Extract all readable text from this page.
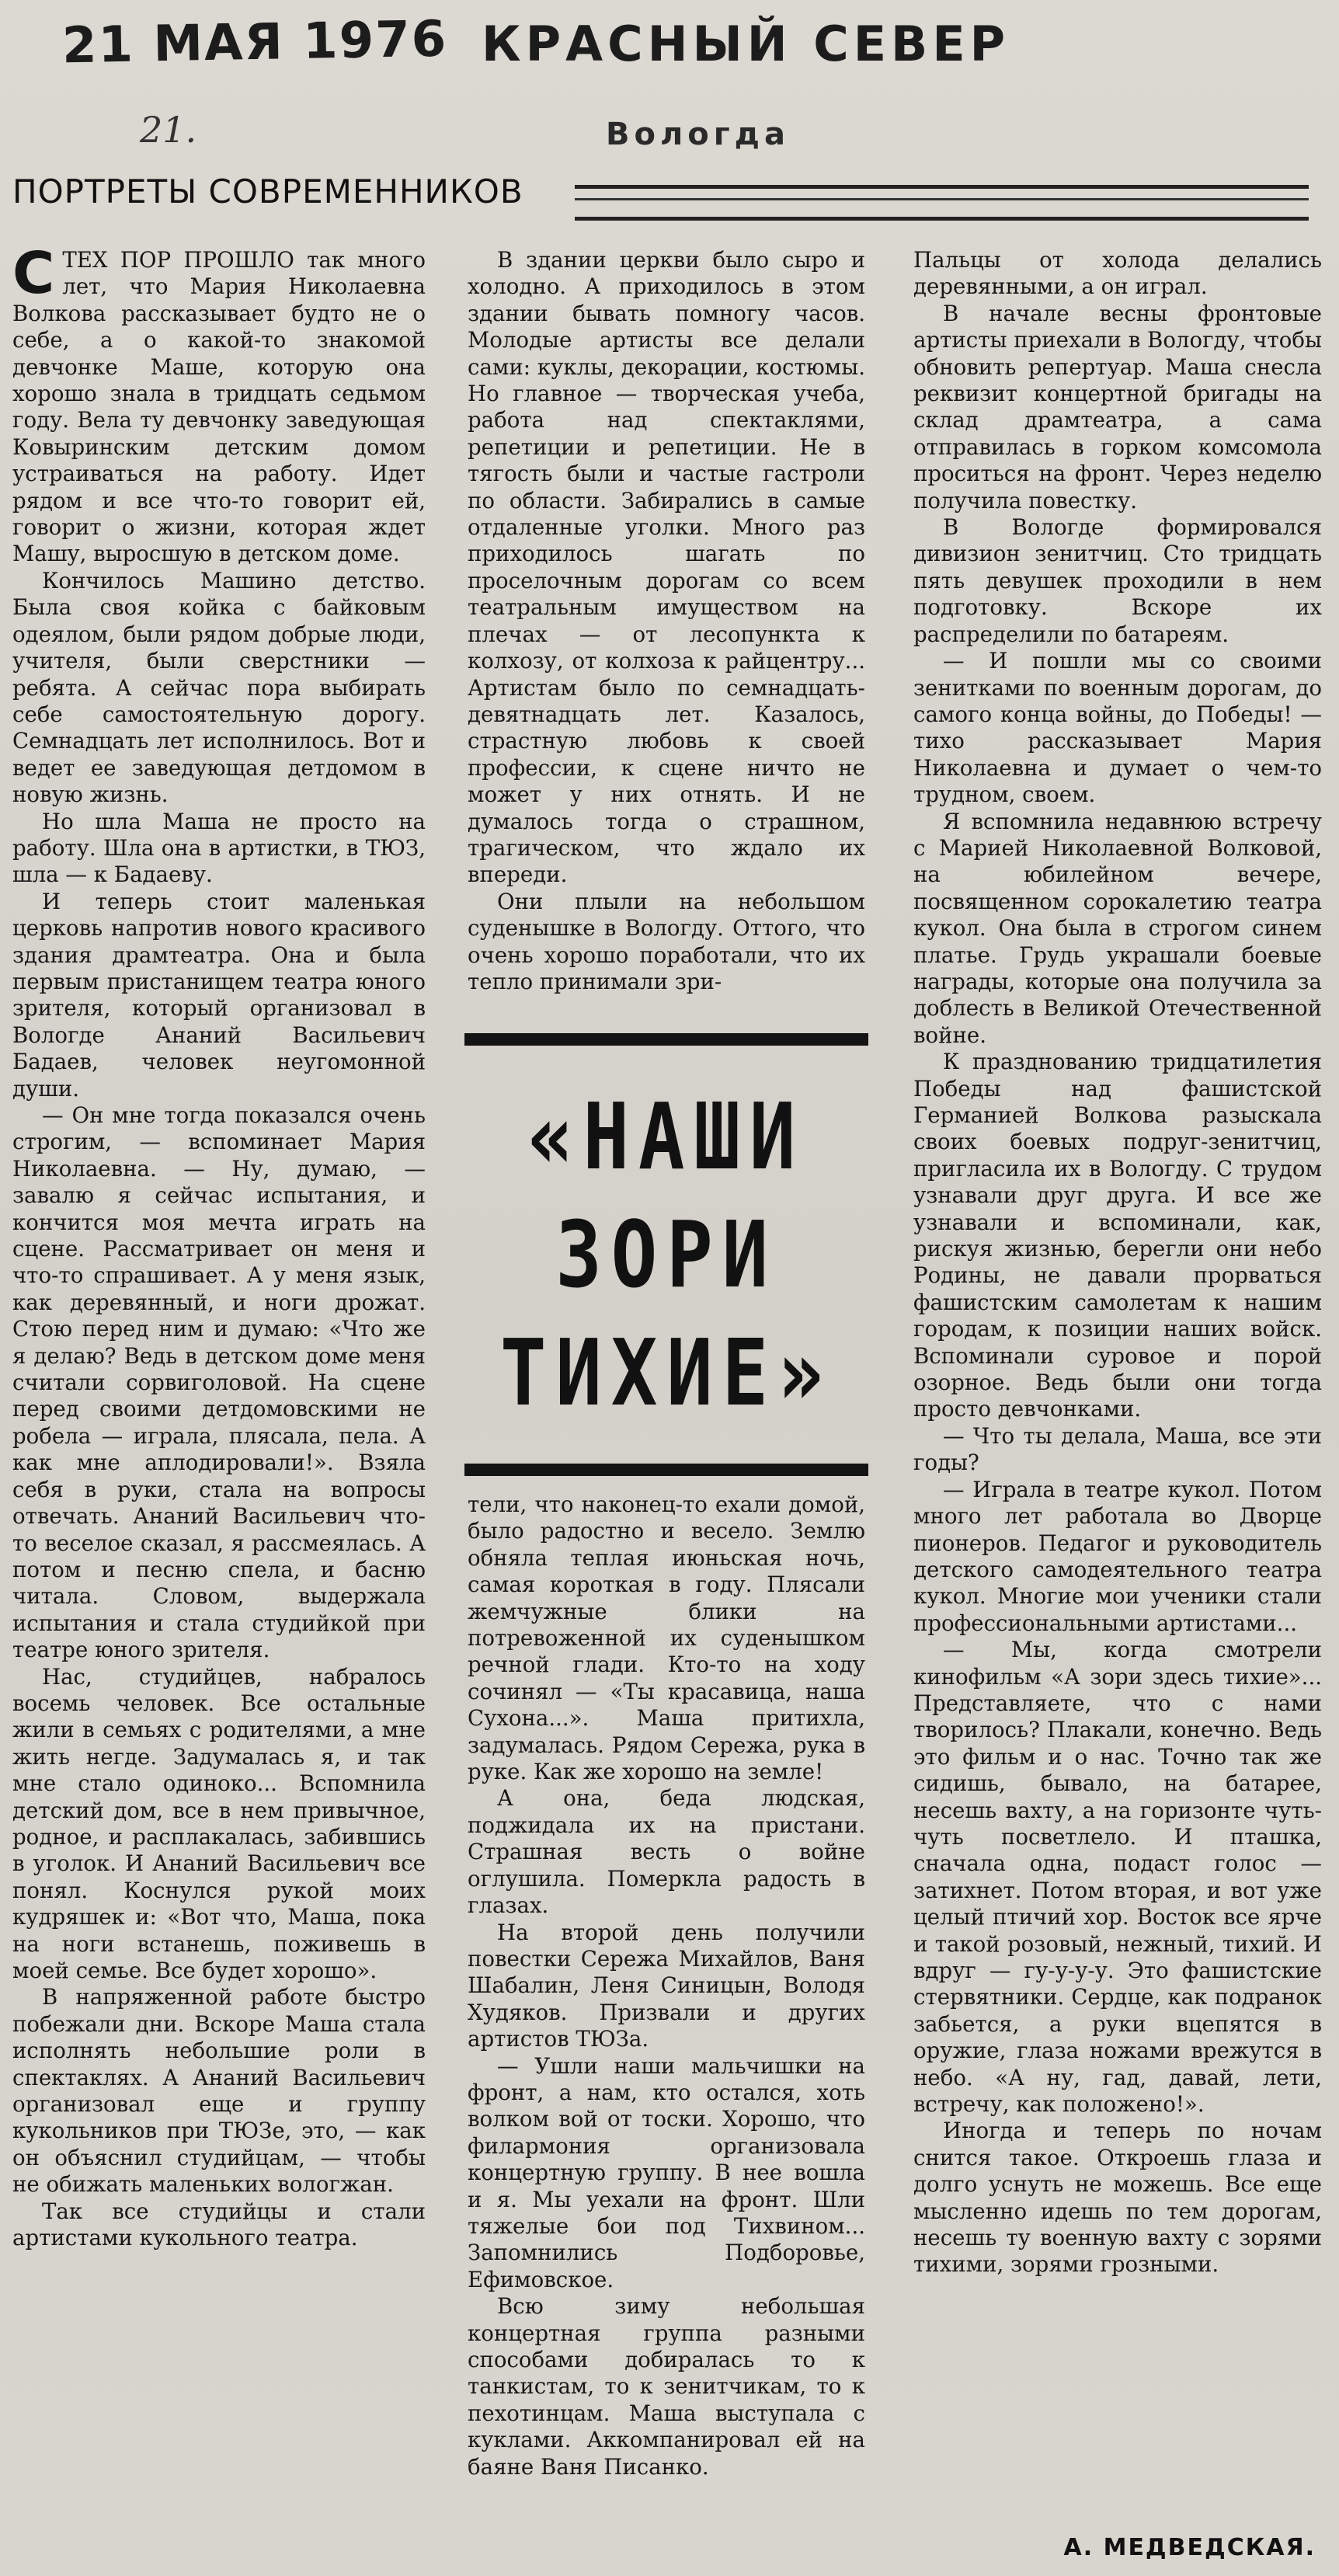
21 МАЯ 1976 КРАСНЫЙ СЕВЕР
21.	Вологда
ПОРТРЕТЫ СОВРЕМЕННИКОВ

СТЕХ ПОР ПРОШЛО так много лет, что Мария Николаевна Волкова рассказывает будто не о себе, а о какой-то знакомой девчонке Маше, которую она хорошо знала в тридцать седьмом году. Вела ту девчонку заведующая Ковыринским детским домом устраиваться на работу. Идет рядом и все что-то говорит ей, говорит о жизни, которая ждет Машу, выросшую в детском доме.

Кончилось Машино детство. Была своя койка с байковым одеялом, были рядом добрые люди, учителя, были сверстники — ребята. А сейчас пора выбирать себе самостоятельную дорогу. Семнадцать лет исполнилось. Вот и ведет ее заведующая детдомом в новую жизнь.

Но шла Маша не просто на работу. Шла она в артистки, в ТЮЗ, шла — к Бадаеву.

И теперь стоит маленькая церковь напротив нового красивого здания драмтеатра. Она и была первым пристанищем театра юного зрителя, который организовал в Вологде Ананий Васильевич Бадаев, человек неугомонной души.

— Он мне тогда показался очень строгим, — вспоминает Мария Николаевна. — Ну, думаю, — завалю я сейчас испытания, и кончится моя мечта играть на сцене. Рассматривает он меня и что-то спрашивает. А у меня язык, как деревянный, и ноги дрожат. Стою перед ним и думаю: «Что же я делаю? Ведь в детском доме меня считали сорвиголовой. На сцене перед своими детдомовскими не робела — играла, плясала, пела. А как мне аплодировали!». Взяла себя в руки, стала на вопросы отвечать. Ананий Васильевич что-то веселое сказал, я рассмеялась. А потом и песню спела, и басню читала. Словом, выдержала испытания и стала студийкой при театре юного зрителя.

Нас, студийцев, набралось восемь человек. Все остальные жили в семьях с родителями, а мне жить негде. Задумалась я, и так мне стало одиноко... Вспомнила детский дом, все в нем привычное, родное, и расплакалась, забившись в уголок. И Ананий Васильевич все понял. Коснулся рукой моих кудряшек и: «Вот что, Маша, пока на ноги встанешь, поживешь в моей семье. Все будет хорошо».

В напряженной работе быстро побежали дни. Вскоре Маша стала исполнять небольшие роли в спектаклях. А Ананий Васильевич организовал еще и группу кукольников при ТЮЗе, это, — как он объяснил студийцам, — чтобы не обижать маленьких вологжан.

Так все студийцы и стали артистами кукольного театра.

В здании церкви было сыро и холодно. А приходилось в этом здании бывать помногу часов. Молодые артисты все делали сами: куклы, декорации, костюмы. Но главное — творческая учеба, работа над спектаклями, репетиции и репетиции. Не в тягость были и частые гастроли по области. Забирались в самые отдаленные уголки. Много раз приходилось шагать по проселочным дорогам со всем театральным имуществом на плечах — от лесопункта к колхозу, от колхоза к райцентру... Артистам было по семнадцать-девятнадцать лет. Казалось, страстную любовь к своей профессии, к сцене ничто не может у них отнять. И не думалось тогда о страшном, трагическом, что ждало их впереди.

Они плыли на небольшом суденышке в Вологду. Оттого, что очень хорошо поработали, что их тепло принимали зри-

«НАШИ
ЗОРИ
ТИХИЕ»

тели, что наконец-то ехали домой, было радостно и весело. Землю обняла теплая июньская ночь, самая короткая в году. Плясали жемчужные блики на потревоженной их суденышком речной глади. Кто-то на ходу сочинял — «Ты красавица, наша Сухона...». Маша притихла, задумалась. Рядом Сережа, рука в руке. Как же хорошо на земле!

А она, беда людская, поджидала их на пристани. Страшная весть о войне оглушила. Померкла радость в глазах.

На второй день получили повестки Сережа Михайлов, Ваня Шабалин, Леня Синицын, Володя Худяков. Призвали и других артистов ТЮЗа.

— Ушли наши мальчишки на фронт, а нам, кто остался, хоть волком вой от тоски. Хорошо, что филармония организовала концертную группу. В нее вошла и я. Мы уехали на фронт. Шли тяжелые бои под Тихвином... Запомнились Подборовье, Ефимовское.

Всю зиму небольшая концертная группа разными способами добиралась то к танкистам, то к зенитчикам, то к пехотинцам. Маша выступала с куклами. Аккомпанировал ей на баяне Ваня Писанко.

Пальцы от холода делались деревянными, а он играл.

В начале весны фронтовые артисты приехали в Вологду, чтобы обновить репертуар. Маша снесла реквизит концертной бригады на склад драмтеатра, а сама отправилась в горком комсомола проситься на фронт. Через неделю получила повестку.

В Вологде формировался дивизион зенитчиц. Сто тридцать пять девушек проходили в нем подготовку. Вскоре их распределили по батареям.

— И пошли мы со своими зенитками по военным дорогам, до самого конца войны, до Победы! — тихо рассказывает Мария Николаевна и думает о чем-то трудном, своем.

Я вспомнила недавнюю встречу с Марией Николаевной Волковой, на юбилейном вечере, посвященном сорокалетию театра кукол. Она была в строгом синем платье. Грудь украшали боевые награды, которые она получила за доблесть в Великой Отечественной войне.

К празднованию тридцатилетия Победы над фашистской Германией Волкова разыскала своих боевых подруг-зенитчиц, пригласила их в Вологду. С трудом узнавали друг друга. И все же узнавали и вспоминали, как, рискуя жизнью, берегли они небо Родины, не давали прорваться фашистским самолетам к нашим городам, к позиции наших войск. Вспоминали суровое и порой озорное. Ведь были они тогда просто девчонками.

— Что ты делала, Маша, все эти годы?

— Играла в театре кукол. Потом много лет работала во Дворце пионеров. Педагог и руководитель детского самодеятельного театра кукол. Многие мои ученики стали профессиональными артистами...

— Мы, когда смотрели кинофильм «А зори здесь тихие»... Представляете, что с нами творилось? Плакали, конечно. Ведь это фильм и о нас. Точно так же сидишь, бывало, на батарее, несешь вахту, а на горизонте чуть-чуть посветлело. И пташка, сначала одна, подаст голос — затихнет. Потом вторая, и вот уже целый птичий хор. Восток все ярче и такой розовый, нежный, тихий. И вдруг — гу-у-у-у. Это фашистские стервятники. Сердце, как подранок забьется, а руки вцепятся в оружие, глаза ножами врежутся в небо. «А ну, гад, давай, лети, встречу, как положено!».

Иногда и теперь по ночам снится такое. Откроешь глаза и долго уснуть не можешь. Все еще мысленно идешь по тем дорогам, несешь ту военную вахту с зорями тихими, зорями грозными.

А. МЕДВЕДСКАЯ.
